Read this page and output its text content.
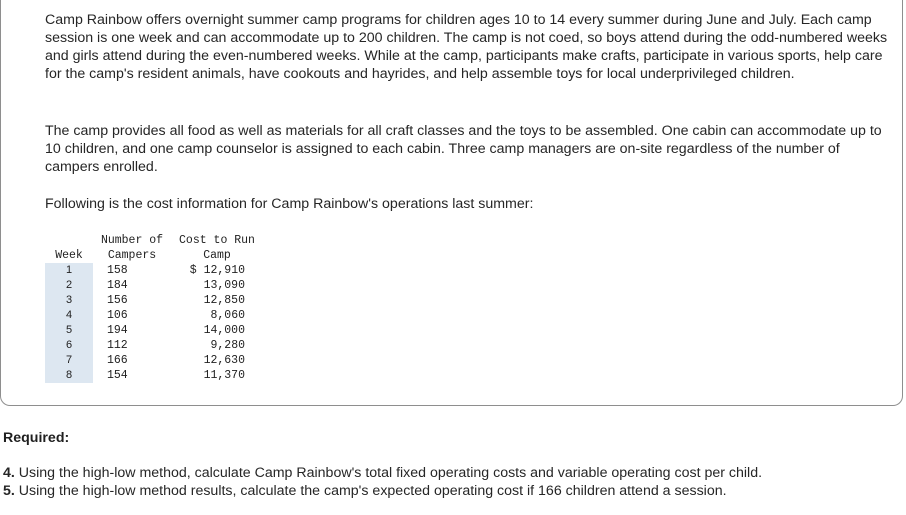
Camp Rainbow offers overnight summer camp programs for children ages 10 to 14 every summer during June and July. Each camp session is one week and can accommodate up to 200 children. The camp is not coed, so boys attend during the odd-numbered weeks and girls attend during the even-numbered weeks. While at the camp, participants make crafts, participate in various sports, help care for the camp's resident animals, have cookouts and hayrides, and help assemble toys for local underprivileged children.

The camp provides all food as well as materials for all craft classes and the toys to be assembled. One cabin can accommodate up to 10 children, and one camp counselor is assigned to each cabin. Three camp managers are on-site regardless of the number of campers enrolled.

Following is the cost information for Camp Rainbow's operations last summer:

Week	Number of	Cost to Run
	Campers	Camp
1	158	$ 12,910
2	184	13,090
3	156	12,850
4	106	8,060
5	194	14,000
6	112	9,280
7	166	12,630
8	154	11,370

Required:

4. Using the high-low method, calculate Camp Rainbow's total fixed operating costs and variable operating cost per child.
5. Using the high-low method results, calculate the camp's expected operating cost if 166 children attend a session.
